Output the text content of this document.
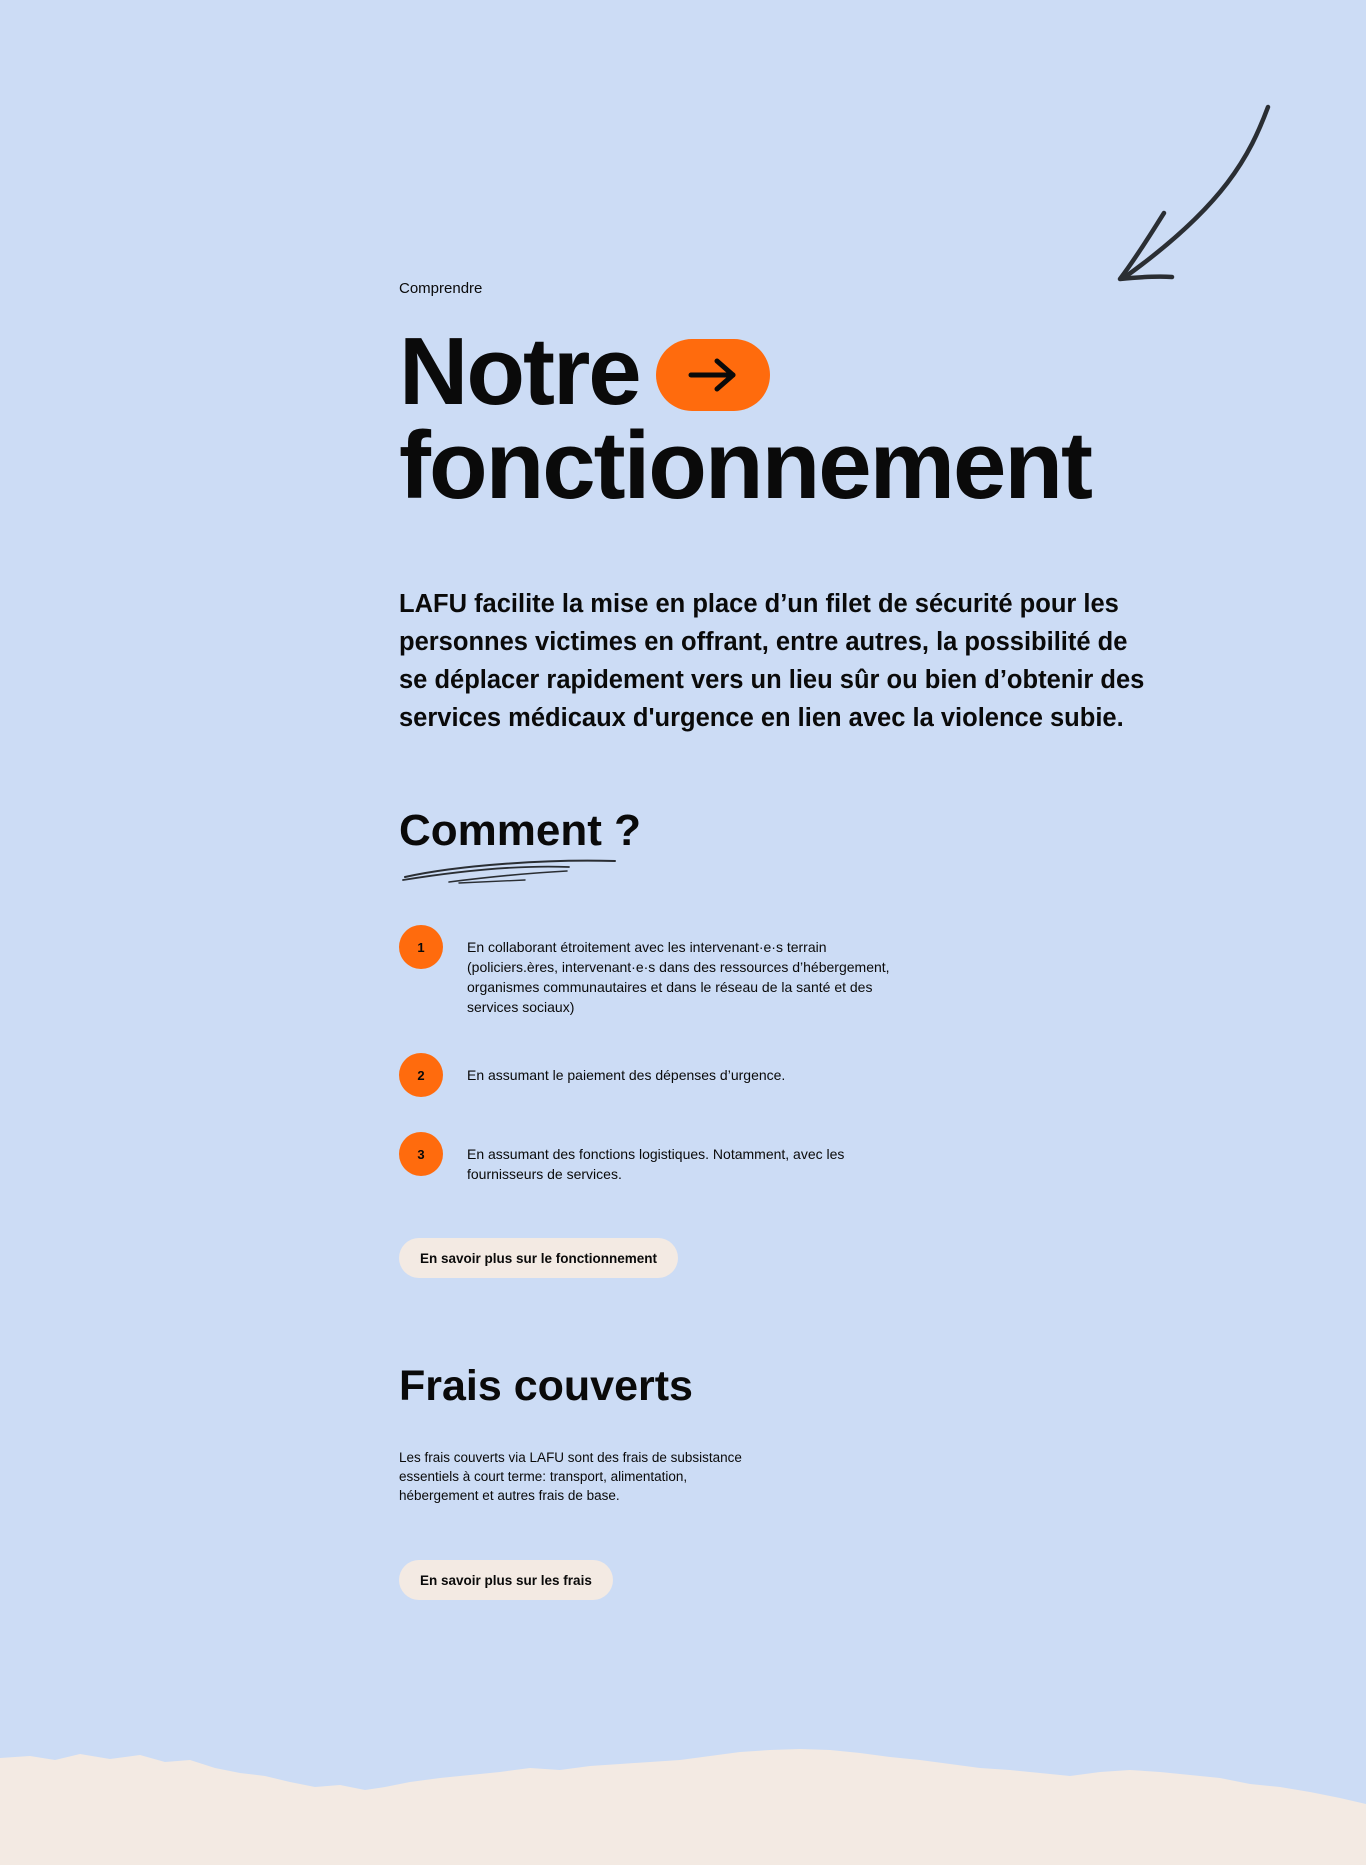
Comprendre
Notre
fonctionnement

LAFU facilite la mise en place d’un filet de sécurité pour les personnes victimes en offrant, entre autres, la possibilité de se déplacer rapidement vers un lieu sûr ou bien d’obtenir des services médicaux d'urgence en lien avec la violence subie.

Comment ?
1	En collaborant étroitement avec les intervenant·e·s terrain (policiers.ères, intervenant·e·s dans des ressources d’hébergement, organismes communautaires et dans le réseau de la santé et des services sociaux)
2	En assumant le paiement des dépenses d’urgence.
3	En assumant des fonctions logistiques. Notamment, avec les fournisseurs de services.
En savoir plus sur le fonctionnement
Frais couverts

Les frais couverts via LAFU sont des frais de subsistance essentiels à court terme: transport, alimentation, hébergement et autres frais de base.

En savoir plus sur les frais
